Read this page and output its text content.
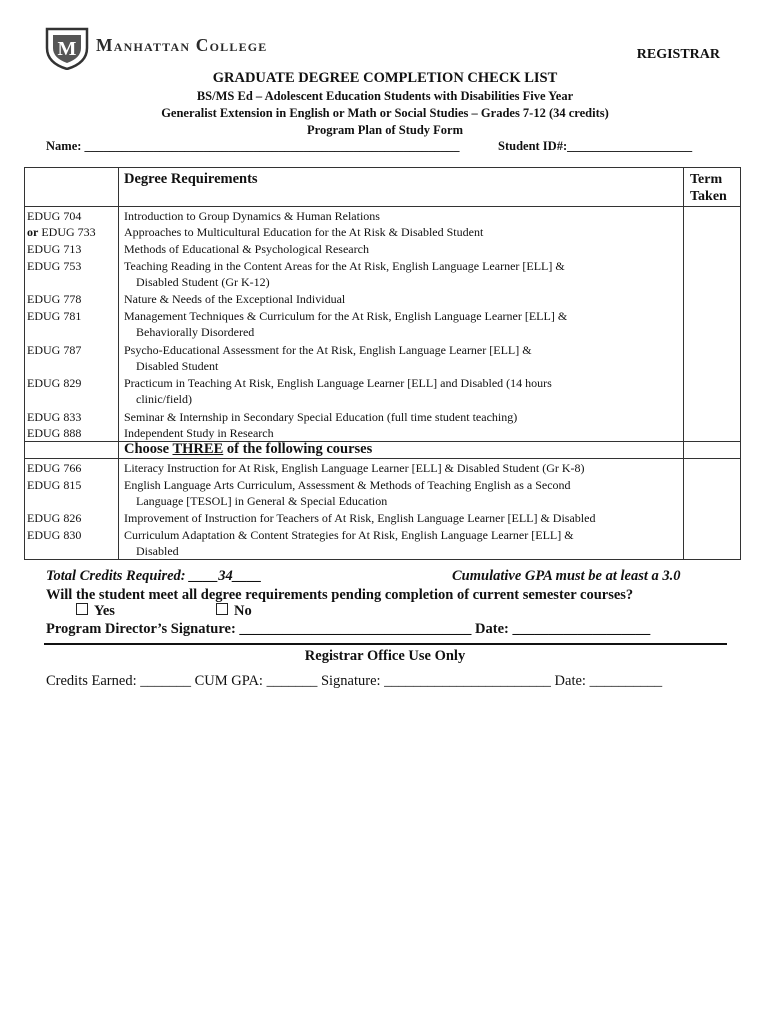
M Manhattan College	REGISTRAR
GRADUATE DEGREE COMPLETION CHECK LIST
BS/MS Ed – Adolescent Education Students with Disabilities Five Year
Generalist Extension in English or Math or Social Studies – Grades 7-12 (34 credits)
Program Plan of Study Form
Name: ____________________________________________________________	Student ID#:____________________
Degree Requirements	Term
Taken
EDUG 704	Introduction to Group Dynamics & Human Relations
or EDUG 733 Approaches to Multicultural Education for the At Risk & Disabled Student
EDUG 713	Methods of Educational & Psychological Research
EDUG 753	Teaching Reading in the Content Areas for the At Risk, English Language Learner [ELL] &
Disabled Student (Gr K-12)
EDUG 778	Nature & Needs of the Exceptional Individual
EDUG 781	Management Techniques & Curriculum for the At Risk, English Language Learner [ELL] &
Behaviorally Disordered
EDUG 787	Psycho-Educational Assessment for the At Risk, English Language Learner [ELL] &
Disabled Student
EDUG 829	Practicum in Teaching At Risk, English Language Learner [ELL] and Disabled (14 hours
clinic/field)
EDUG 833	Seminar & Internship in Secondary Special Education (full time student teaching)
EDUG 888	Independent Study in Research
Choose THREE of the following courses
EDUG 766	Literacy Instruction for At Risk, English Language Learner [ELL] & Disabled Student (Gr K-8)
EDUG 815	English Language Arts Curriculum, Assessment & Methods of Teaching English as a Second
Language [TESOL] in General & Special Education
EDUG 826	Improvement of Instruction for Teachers of At Risk, English Language Learner [ELL] & Disabled
EDUG 830	Curriculum Adaptation & Content Strategies for At Risk, English Language Learner [ELL] &
Disabled
Total Credits Required: ____34____	Cumulative GPA must be at least a 3.0
Will the student meet all degree requirements pending completion of current semester courses?
Yes	No
Program Director’s Signature: ________________________________ Date: ___________________
Registrar Office Use Only
Credits Earned: _______ CUM GPA: _______ Signature: _______________________ Date: __________
